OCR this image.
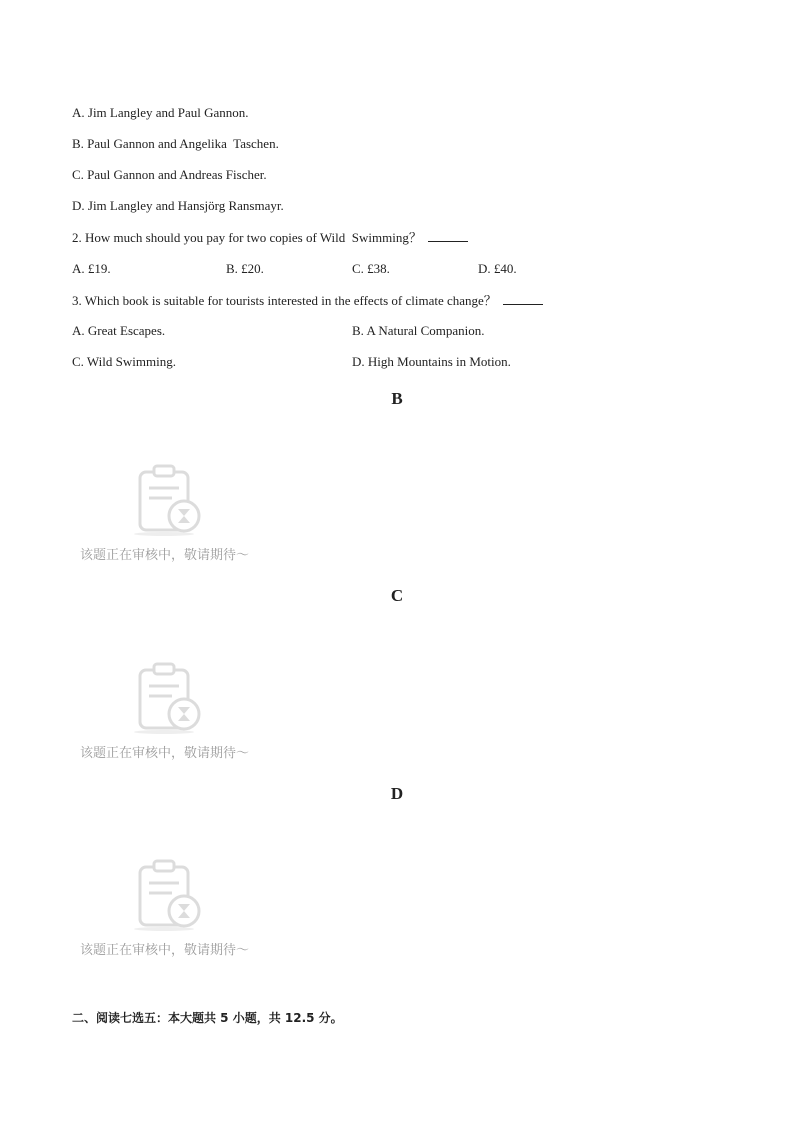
A. Jim Langley and Paul Gannon.
B. Paul Gannon and Angelika  Taschen.
C. Paul Gannon and Andreas Fischer.
D. Jim Langley and Hansjörg Ransmayr.
2. How much should you pay for two copies of Wild  Swimming？
A. £19.	B. £20.	C. £38.	D. £40.
3. Which book is suitable for tourists interested in the effects of climate change？
A. Great Escapes.	B. A Natural Companion.
C. Wild Swimming.	D. High Mountains in Motion.
B
该题正在审核中，敬请期待～
C
该题正在审核中，敬请期待～
D
该题正在审核中，敬请期待～
二、阅读七选五：本大题共 5 小题，共 12.5 分。
